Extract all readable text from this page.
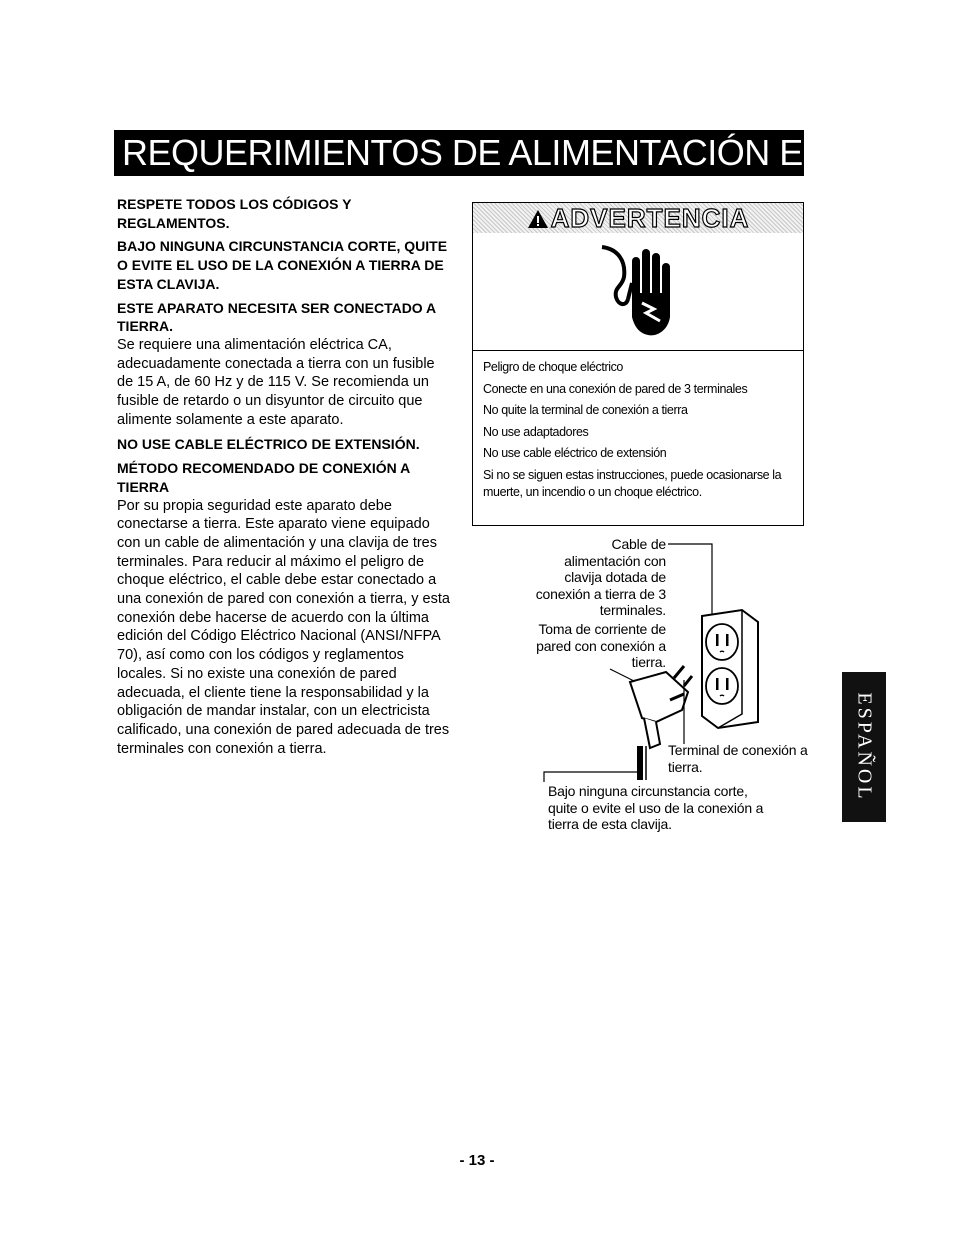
REQUERIMIENTOS DE ALIMENTACIÓN ELÉCTRICA
RESPETE TODOS LOS CÓDIGOS Y REGLAMENTOS.
BAJO NINGUNA CIRCUNSTANCIA CORTE, QUITE O EVITE EL USO DE LA CONEXIÓN A TIERRA DE ESTA CLAVIJA.
ESTE APARATO NECESITA SER CONECTADO A TIERRA.
Se requiere una alimentación eléctrica CA, adecuadamente conectada a tierra con un fusible de 15 A, de 60 Hz y de 115 V. Se recomienda un fusible de retardo o un disyuntor de circuito que alimente solamente a este aparato.
NO USE CABLE ELÉCTRICO DE EXTENSIÓN.
MÉTODO RECOMENDADO DE CONEXIÓN A TIERRA
Por su propia seguridad este aparato debe conectarse a tierra. Este aparato viene equipado con un cable de alimentación y una clavija de tres terminales. Para reducir al máximo el peligro de choque eléctrico, el cable debe estar conectado a una conexión de pared con conexión a tierra, y esta conexión debe hacerse de acuerdo con la última edición del Código Eléctrico Nacional (ANSI/NFPA 70), así como con los códigos y reglamentos locales. Si no existe una conexión de pared adecuada, el cliente tiene la responsabilidad y la obligación de mandar instalar, con un electricista calificado, una conexión de pared adecuada de tres terminales con conexión a tierra.
ADVERTENCIA
Peligro de choque eléctrico
Conecte en una conexión de pared de 3 terminales
No quite la terminal de conexión a tierra
No use adaptadores
No use cable eléctrico de extensión
Si no se siguen estas instrucciones, puede ocasionarse la muerte, un incendio o un choque eléctrico.
Cable de alimentación con clavija dotada de conexión a tierra de 3 terminales.
Toma de corriente de pared con conexión a tierra.
Terminal de conexión a tierra.
Bajo ninguna circunstancia corte, quite o evite el uso de la conexión a tierra de esta clavija.
ESPAÑOL
- 13 -
